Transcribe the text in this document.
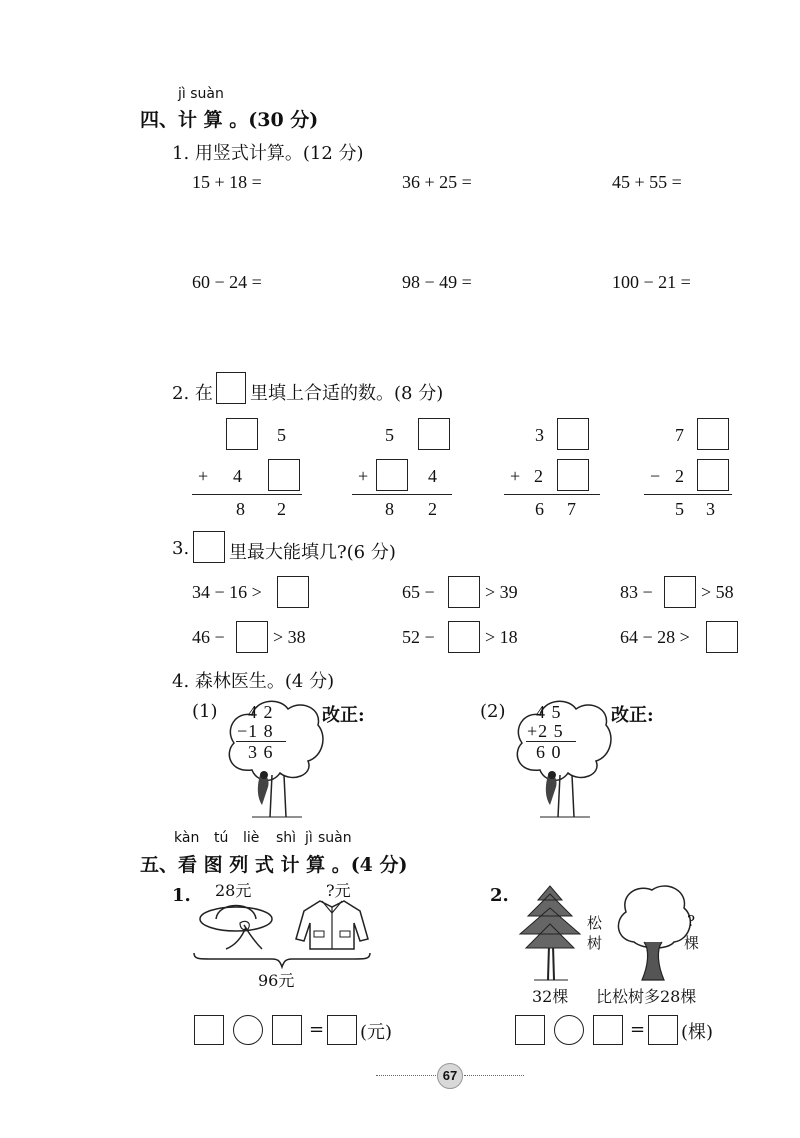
jì suàn
四、计 算 。(30 分)
1. 用竖式计算。(12 分)
15 + 18 =	36 + 25 =	45 + 55 =
60 − 24 =	98 − 49 =	100 − 21 =
2. 在 里填上合适的数。(8 分)
5
+ 4
8 2
5
+	4
8 2
3
+ 2
6 7
7
− 2
5 3
3. 里最大能填几?(6 分)
34 − 16 >	65 −	> 39	83 −	> 58
46 −	> 38	52 −	> 18	64 − 28 >
4. 森林医生。(4 分)
(1) 4 2
−1 8
3 6
改正:	(2) 4 5
+2 5
6 0
改正:
kàn tú liè shì jì suàn
五、看 图 列 式 计 算 。(4 分)
1. 28元	?元
96元
= (元)
2.
松
树
?
棵
32棵 比松树多28棵
= (棵)
67
